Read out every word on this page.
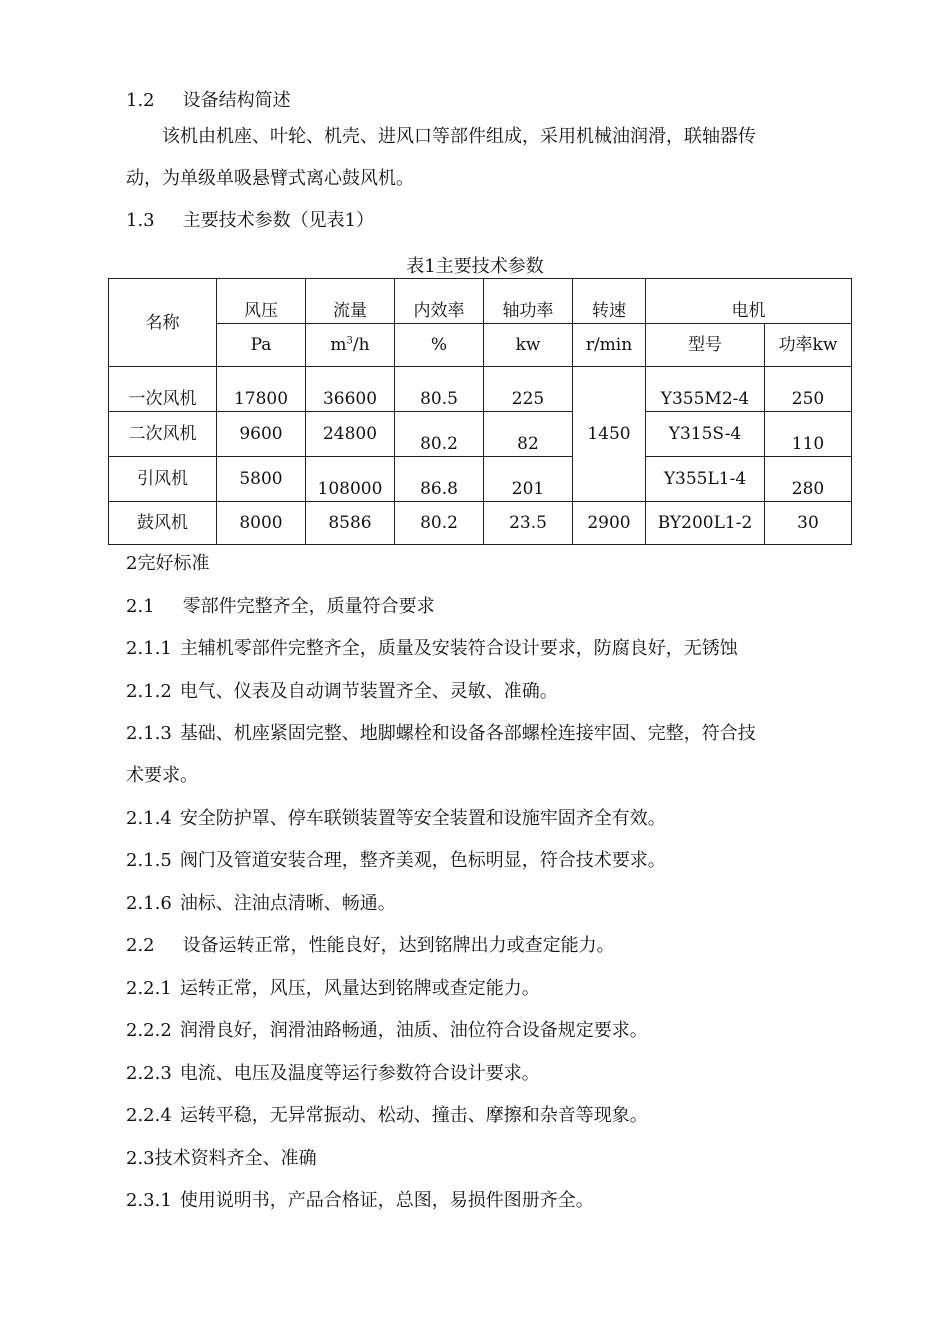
1.2 设备结构简述
该机由机座、叶轮、机壳、进风口等部件组成，采用机械油润滑，联轴器传
动，为单级单吸悬臂式离心鼓风机。
1.3 主要技术参数（见表1）
表1主要技术参数
名称	风压	流量	内效率	轴功率	转速	电机	
	Pa	$m^3/h$	%	kw	r/min	型号	功率kw
一次风机	17800	36600	80.5	225	1450	Y355M2-4	250
二次风机	9600	24800	80.2	82		Y315S-4	110
引风机	5800	108000	86.8	201		Y355L1-4	280
鼓风机	8000	8586	80.2	23.5	2900	BY200L1-2	30
2完好标准
2.1 零部件完整齐全，质量符合要求
2.1.1 主辅机零部件完整齐全，质量及安装符合设计要求，防腐良好，无锈蚀
2.1.2 电气、仪表及自动调节装置齐全、灵敏、准确。
2.1.3 基础、机座紧固完整、地脚螺栓和设备各部螺栓连接牢固、完整，符合技
术要求。
2.1.4 安全防护罩、停车联锁装置等安全装置和设施牢固齐全有效。
2.1.5 阀门及管道安装合理，整齐美观，色标明显，符合技术要求。
2.1.6 油标、注油点清晰、畅通。
2.2 设备运转正常，性能良好，达到铭牌出力或查定能力。
2.2.1 运转正常，风压，风量达到铭牌或查定能力。
2.2.2 润滑良好，润滑油路畅通，油质、油位符合设备规定要求。
2.2.3 电流、电压及温度等运行参数符合设计要求。
2.2.4 运转平稳，无异常振动、松动、撞击、摩擦和杂音等现象。
2.3技术资料齐全、准确
2.3.1 使用说明书，产品合格证，总图，易损件图册齐全。
